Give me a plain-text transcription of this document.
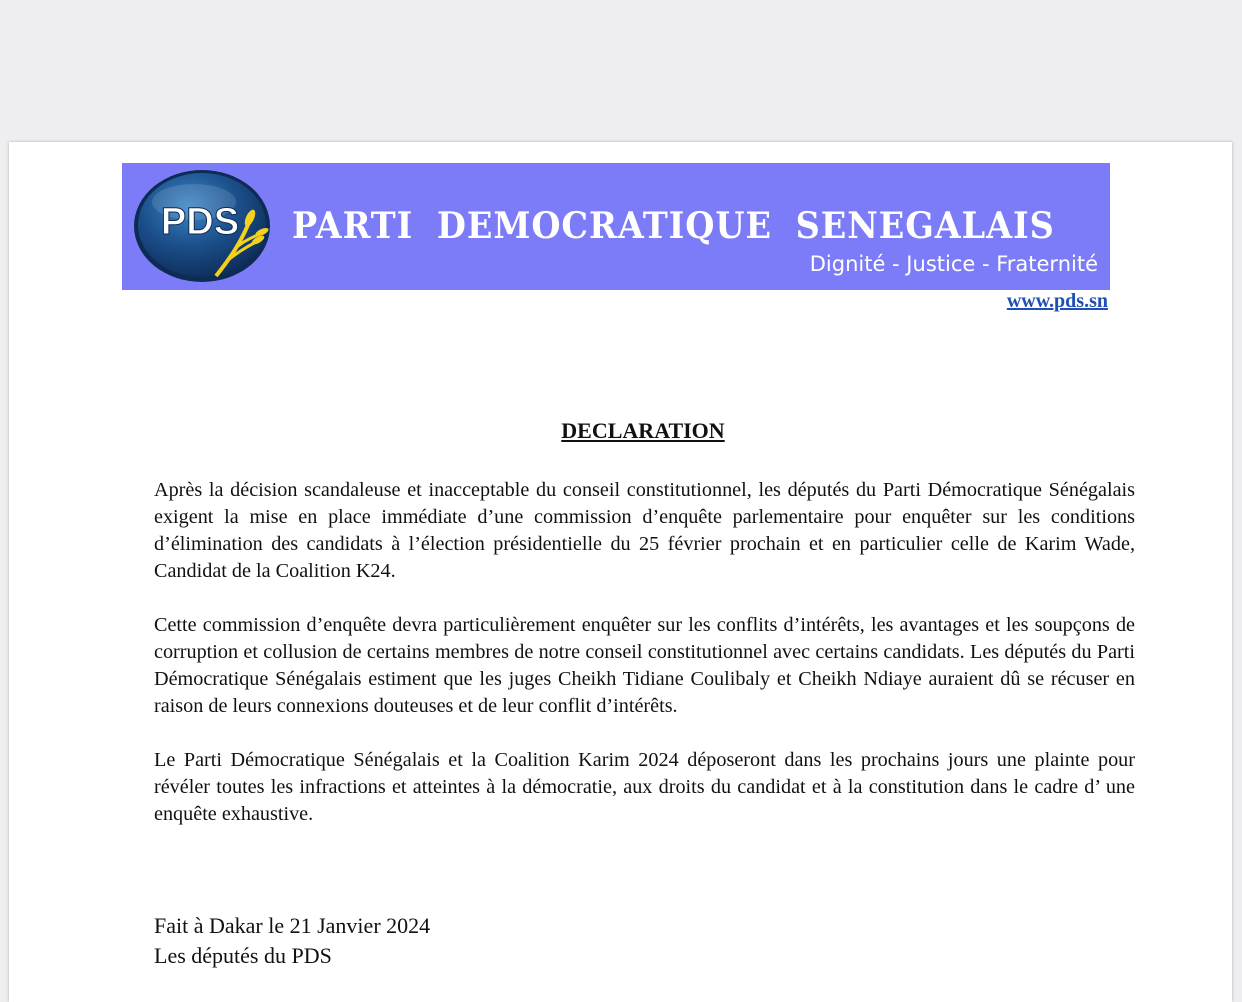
PDS PARTI DEMOCRATIQUE SENEGALAIS
Dignité - Justice - Fraternité
www.pds.sn
DECLARATION

Après la décision scandaleuse et inacceptable du conseil constitutionnel, les députés du Parti Démocratique Sénégalais exigent la mise en place immédiate d’une commission d’enquête parlementaire pour enquêter sur les conditions d’élimination des candidats à l’élection présidentielle du 25 février prochain et en particulier celle de Karim Wade, Candidat de la Coalition K24.

Cette commission d’enquête devra particulièrement enquêter sur les conflits d’intérêts, les avantages et les soupçons de corruption et collusion de certains membres de notre conseil constitutionnel avec certains candidats. Les députés du Parti Démocratique Sénégalais estiment que les juges Cheikh Tidiane Coulibaly et Cheikh Ndiaye auraient dû se récuser en raison de leurs connexions douteuses et de leur conflit d’intérêts.

Le Parti Démocratique Sénégalais et la Coalition Karim 2024 déposeront dans les prochains jours une plainte pour révéler toutes les infractions et atteintes à la démocratie, aux droits du candidat et à la constitution dans le cadre d’ une enquête exhaustive.

Fait à Dakar le 21 Janvier 2024
Les députés du PDS
